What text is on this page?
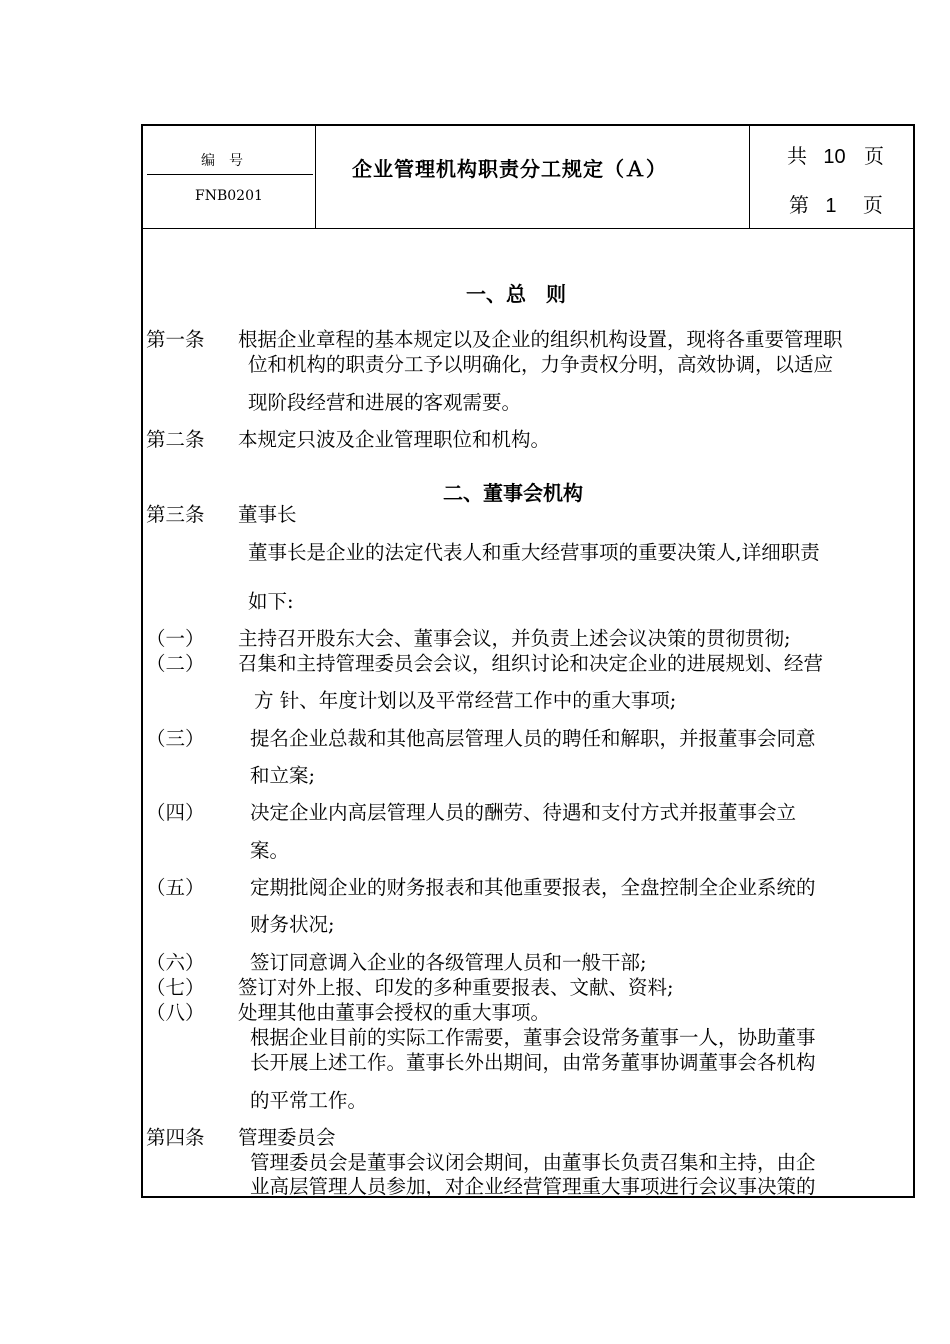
编　号
FNB0201
企业管理机构职责分工规定（Ａ）
共 10 页
第 1 页
一、总　则
第一条 根据企业章程的基本规定以及企业的组织机构设置，现将各重要管理职
位和机构的职责分工予以明确化，力争责权分明，高效协调，以适应
现阶段经营和进展的客观需要。
第二条 本规定只波及企业管理职位和机构。
二、董事会机构
第三条 董事长
董事长是企业的法定代表人和重大经营事项的重要决策人,详细职责
如下:
（一） 主持召开股东大会、董事会议，并负责上述会议决策的贯彻贯彻;
（二） 召集和主持管理委员会会议，组织讨论和决定企业的进展规划、经营
方 针、年度计划以及平常经营工作中的重大事项;
（三） 提名企业总裁和其他高层管理人员的聘任和解职，并报董事会同意
和立案;
（四） 决定企业内高层管理人员的酬劳、待遇和支付方式并报董事会立
案。
（五） 定期批阅企业的财务报表和其他重要报表，全盘控制全企业系统的
财务状况;
（六） 签订同意调入企业的各级管理人员和一般干部;
（七） 签订对外上报、印发的多种重要报表、文献、资料;
（八） 处理其他由董事会授权的重大事项。
根据企业目前的实际工作需要，董事会设常务董事一人，协助董事
长开展上述工作。董事长外出期间，由常务董事协调董事会各机构
的平常工作。
第四条 管理委员会
管理委员会是董事会议闭会期间，由董事长负责召集和主持，由企
业高层管理人员参加，对企业经营管理重大事项进行会议事决策的
